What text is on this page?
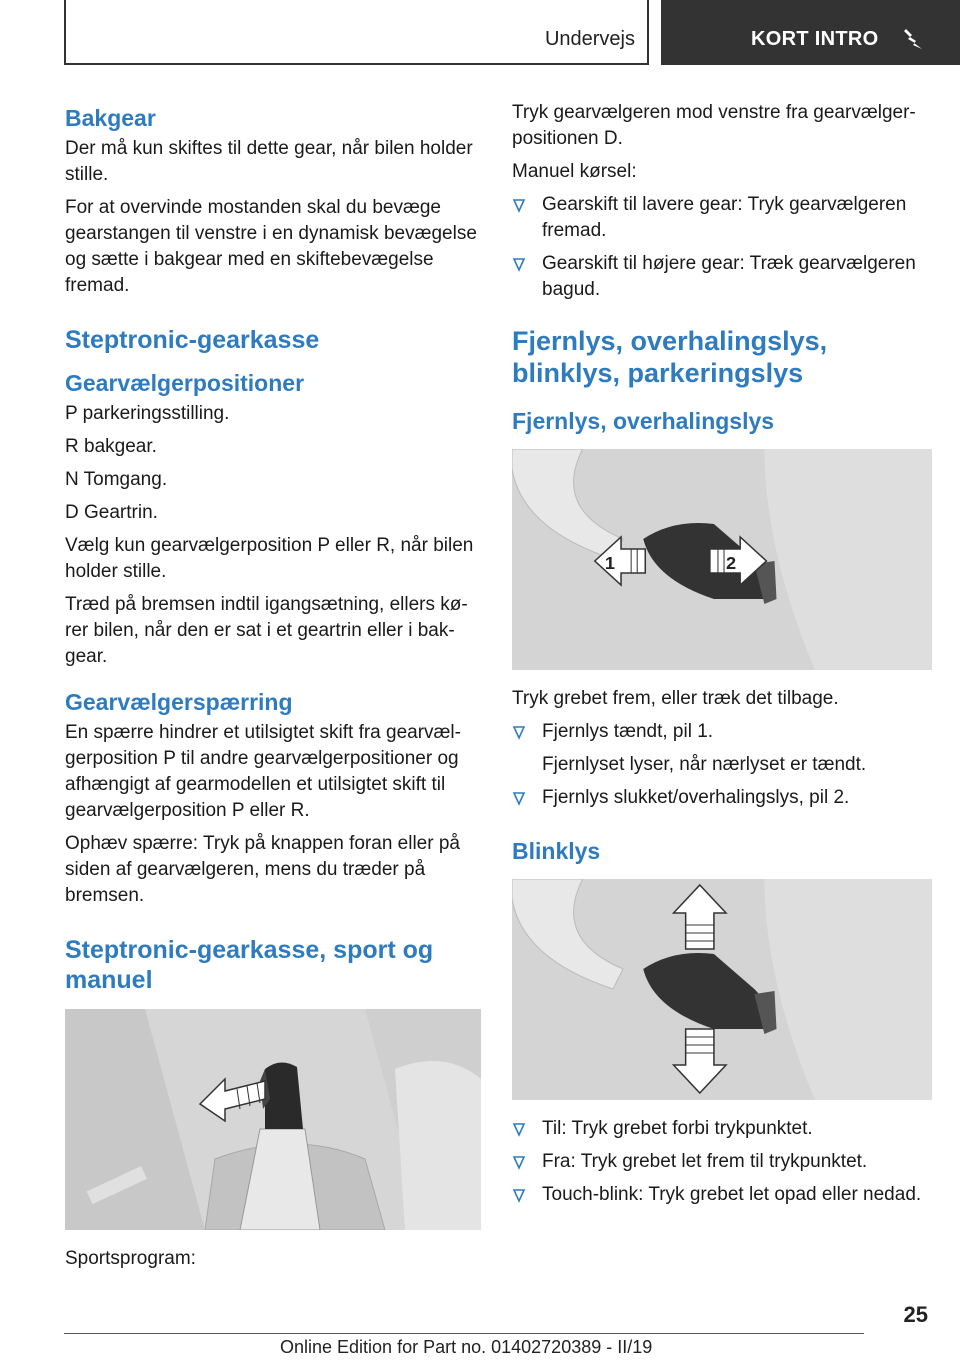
Undervejs	KORT INTRO
Bakgear

Der må kun skiftes til dette gear, når bilen holder stille.

For at overvinde mostanden skal du bevæge gearstangen til venstre i en dynamisk bevægelse og sætte i bakgear med en skiftebevægelse fremad.

Steptronic-gearkasse
Gearvælgerpositioner

P parkeringsstilling.

R bakgear.

N Tomgang.

D Geartrin.

Vælg kun gearvælgerposition P eller R, når bilen holder stille.

Træd på bremsen indtil igangsætning, ellers kører bilen, når den er sat i et geartrin eller i bakgear.

Gearvælgerspærring

En spærre hindrer et utilsigtet skift fra gearvælgerposition P til andre gearvælgerpositioner og afhængigt af gearmodellen et utilsigtet skift til gearvælgerposition P eller R.

Ophæv spærre: Tryk på knappen foran eller på siden af gearvælgeren, mens du træder på bremsen.

Steptronic-gearkasse, sport og manuel

Sportsprogram:

Tryk gearvælgeren mod venstre fra gearvælgerpositionen D.

Manuel kørsel:

Gearskift til lavere gear: Tryk gearvælgeren fremad.
Gearskift til højere gear: Træk gearvælgeren bagud.
Fjernlys, overhalingslys, blinklys, parkeringslys
Fjernlys, overhalingslys
1	2

Tryk grebet frem, eller træk det tilbage.

Fjernlys tændt, pil 1.

Fjernlyset lyser, når nærlyset er tændt.

Fjernlys slukket/overhalingslys, pil 2.
Blinklys
Til: Tryk grebet forbi trykpunktet.
Fra: Tryk grebet let frem til trykpunktet.
Touch-blink: Tryk grebet let opad eller nedad.
25
Online Edition for Part no. 01402720389 - II/19
